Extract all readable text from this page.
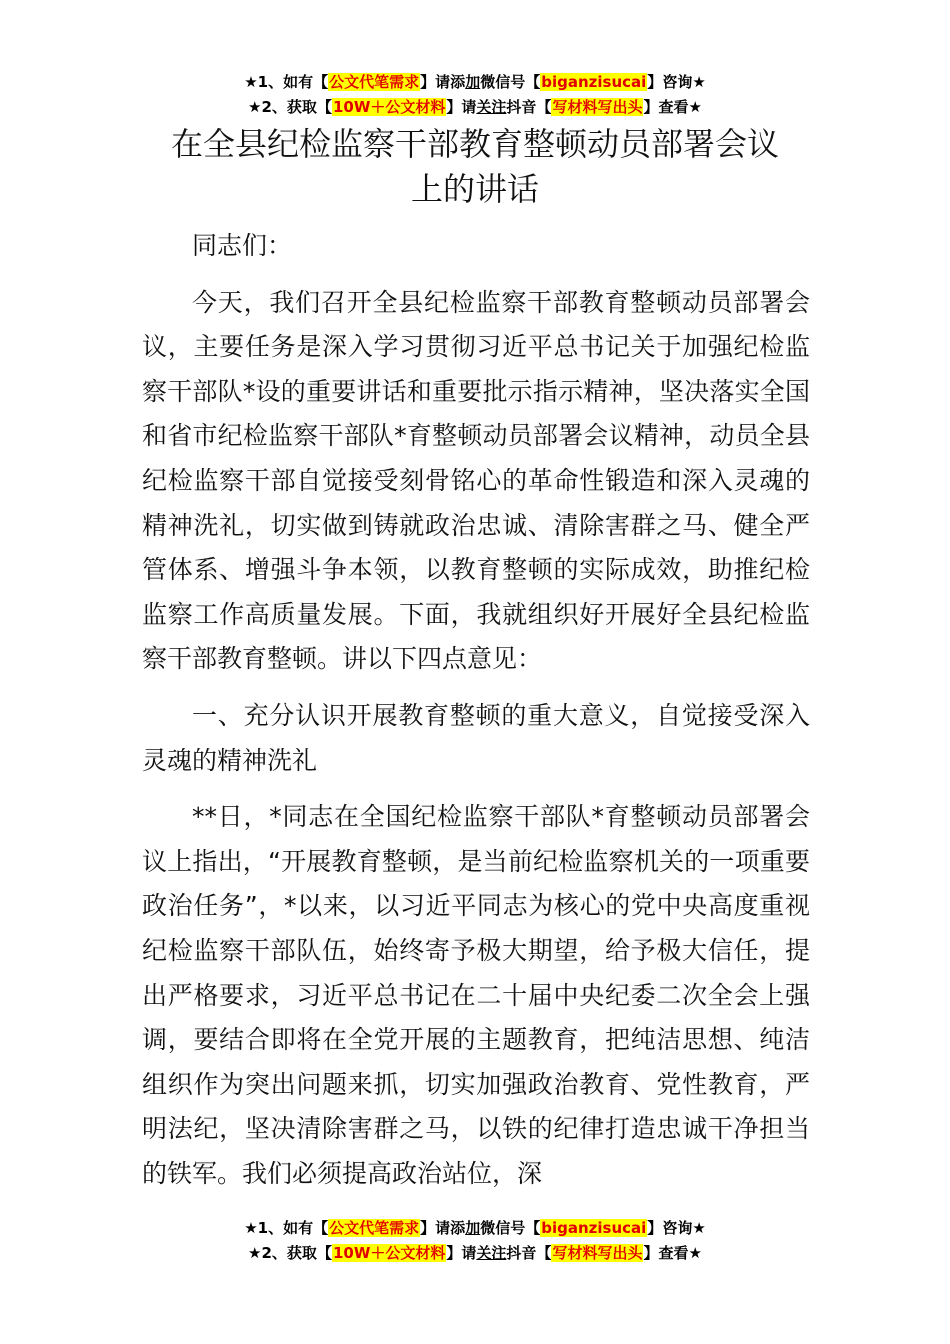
★1、如有【公文代笔需求】请添加微信号【biganzisucai】咨询★
★2、获取【10W＋公文材料】请关注抖音【写材料写出头】查看★
在全县纪检监察干部教育整顿动员部署会议
上的讲话

同志们：

今天，我们召开全县纪检监察干部教育整顿动员部署会议，主要任务是深入学习贯彻习近平总书记关于加强纪检监察干部队*设的重要讲话和重要批示指示精神，坚决落实全国和省市纪检监察干部队*育整顿动员部署会议精神，动员全县纪检监察干部自觉接受刻骨铭心的革命性锻造和深入灵魂的精神洗礼，切实做到铸就政治忠诚、清除害群之马、健全严管体系、增强斗争本领，以教育整顿的实际成效，助推纪检监察工作高质量发展。下面，我就组织好开展好全县纪检监察干部教育整顿。讲以下四点意见：

一、充分认识开展教育整顿的重大意义，自觉接受深入灵魂的精神洗礼

**日，*同志在全国纪检监察干部队*育整顿动员部署会议上指出，“开展教育整顿，是当前纪检监察机关的一项重要政治任务”，*以来，以习近平同志为核心的党中央高度重视纪检监察干部队伍，始终寄予极大期望，给予极大信任，提出严格要求，习近平总书记在二十届中央纪委二次全会上强调，要结合即将在全党开展的主题教育，把纯洁思想、纯洁组织作为突出问题来抓，切实加强政治教育、党性教育，严明法纪，坚决清除害群之马，以铁的纪律打造忠诚干净担当的铁军。我们必须提高政治站位，深

★1、如有【公文代笔需求】请添加微信号【biganzisucai】咨询★
★2、获取【10W＋公文材料】请关注抖音【写材料写出头】查看★
